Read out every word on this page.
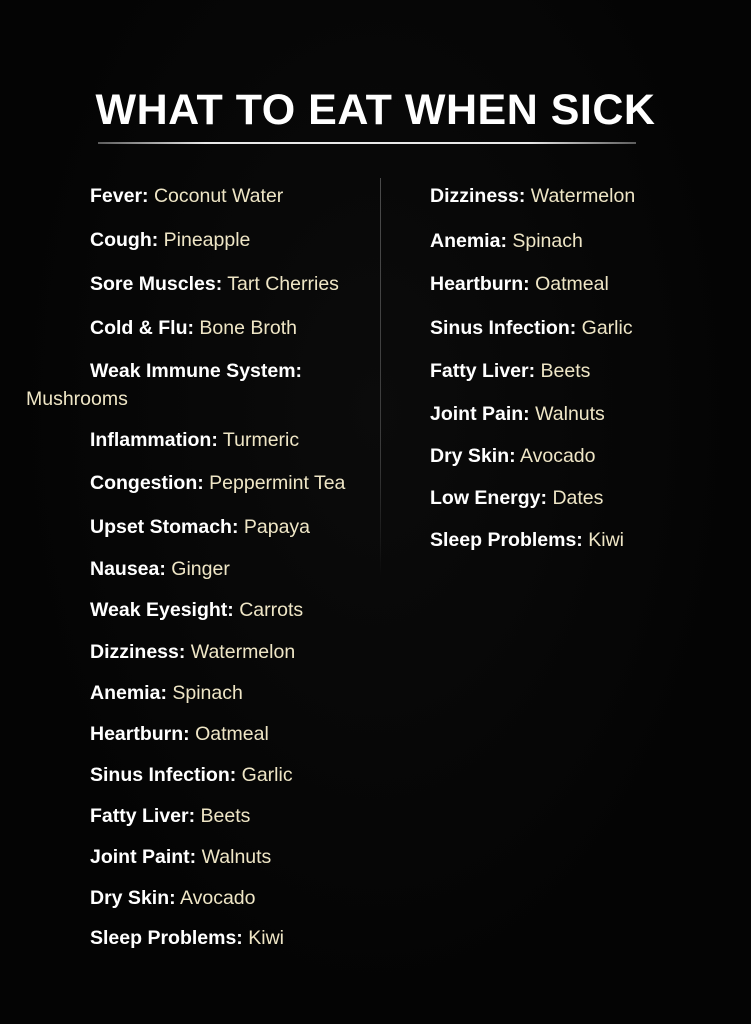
WHAT TO EAT WHEN SICK
Fever: Coconut Water
Cough: Pineapple
Sore Muscles: Tart Cherries
Cold & Flu: Bone Broth
Weak Immune System:
Mushrooms
Inflammation: Turmeric
Congestion: Peppermint Tea
Upset Stomach: Papaya
Nausea: Ginger
Weak Eyesight: Carrots
Dizziness: Watermelon
Anemia: Spinach
Heartburn: Oatmeal
Sinus Infection: Garlic
Fatty Liver: Beets
Joint Paint: Walnuts
Dry Skin: Avocado
Sleep Problems: Kiwi
Dizziness: Watermelon
Anemia: Spinach
Heartburn: Oatmeal
Sinus Infection: Garlic
Fatty Liver: Beets
Joint Pain: Walnuts
Dry Skin: Avocado
Low Energy: Dates
Sleep Problems: Kiwi
